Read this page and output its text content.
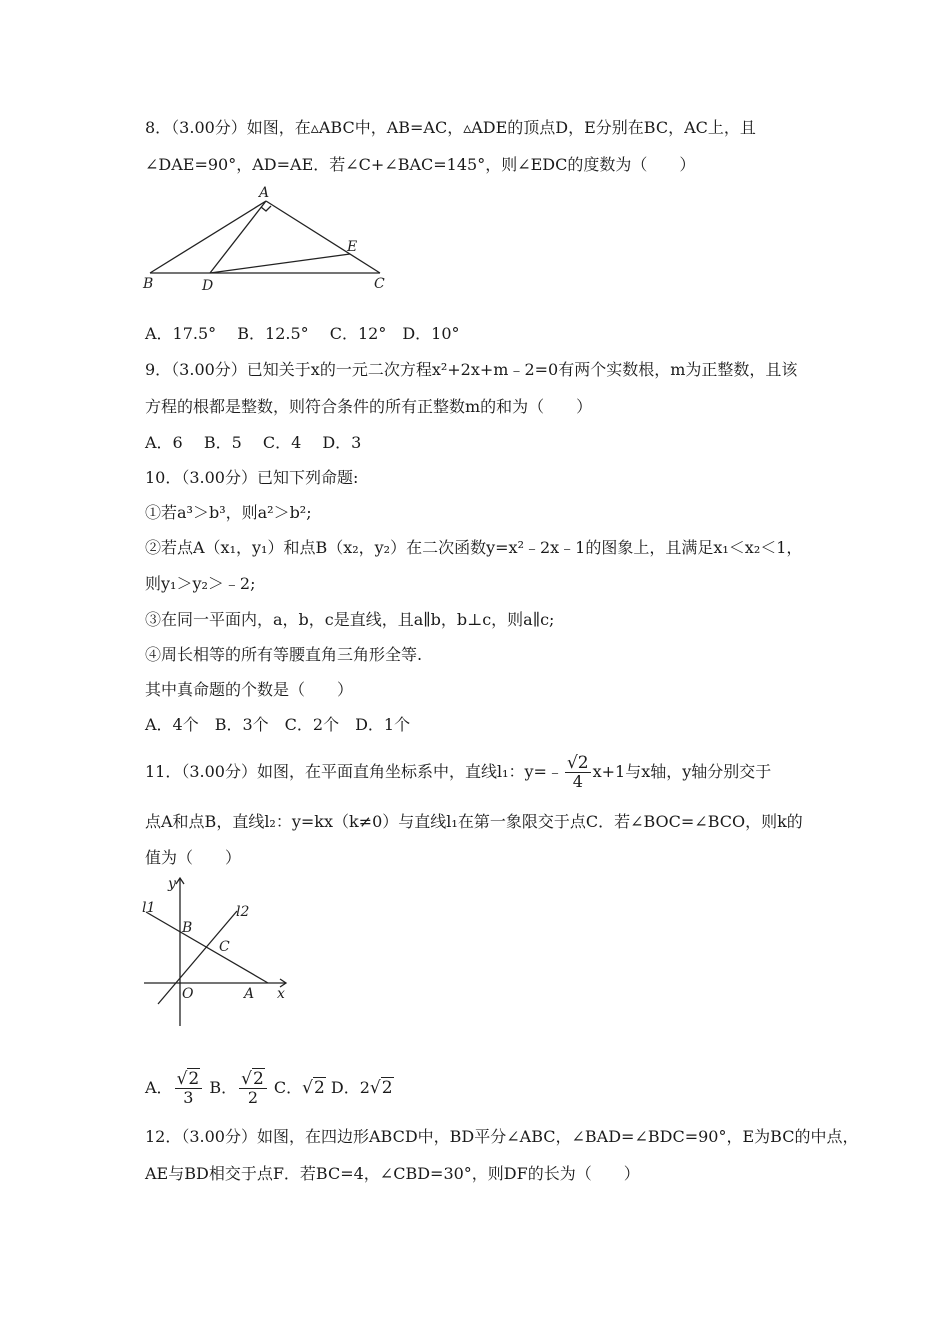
8．（3.00分）如图，在▵ABC中，AB=AC，▵ADE的顶点D，E分别在BC，AC上，且
∠DAE=90°，AD=AE．若∠C+∠BAC=145°，则∠EDC的度数为（　　）
A
B	C
D
E
A．17.5°　 B．12.5°　 C．12°　D．10°
9．（3.00分）已知关于x的一元二次方程x²+2x+m﹣2=0有两个实数根，m为正整数，且该
方程的根都是整数，则符合条件的所有正整数m的和为（　　）
A．6　 B．5　 C．4　 D．3
10．（3.00分）已知下列命题:
①若a³＞b³，则a²＞b²;
②若点A（x₁，y₁）和点B（x₂，y₂）在二次函数y=x²﹣2x﹣1的图象上，且满足x₁＜x₂＜1，
则y₁＞y₂＞﹣2;
③在同一平面内，a，b，c是直线，且a∥b，b⊥c，则a∥c;
④周长相等的所有等腰直角三角形全等.
其中真命题的个数是（　　）
A．4个　B．3个　C．2个　D．1个
11．（3.00分）如图，在平面直角坐标系中，直线l₁：y=﹣ $\frac{√2}{4} x+1$与x轴，y轴分别交于
点A和点B，直线l₂：y=kx（k≠0）与直线l₁在第一象限交于点C．若∠BOC=∠BCO，则k的
值为（　　）
y
x
l1	l2
B
C
O	A
A． $\frac{√2}{3}$ B． $\frac{√2}{2}$ C．√2 D．2√2
12．（3.00分）如图，在四边形ABCD中，BD平分∠ABC，∠BAD=∠BDC=90°，E为BC的中点，
AE与BD相交于点F．若BC=4，∠CBD=30°，则DF的长为（　　）
